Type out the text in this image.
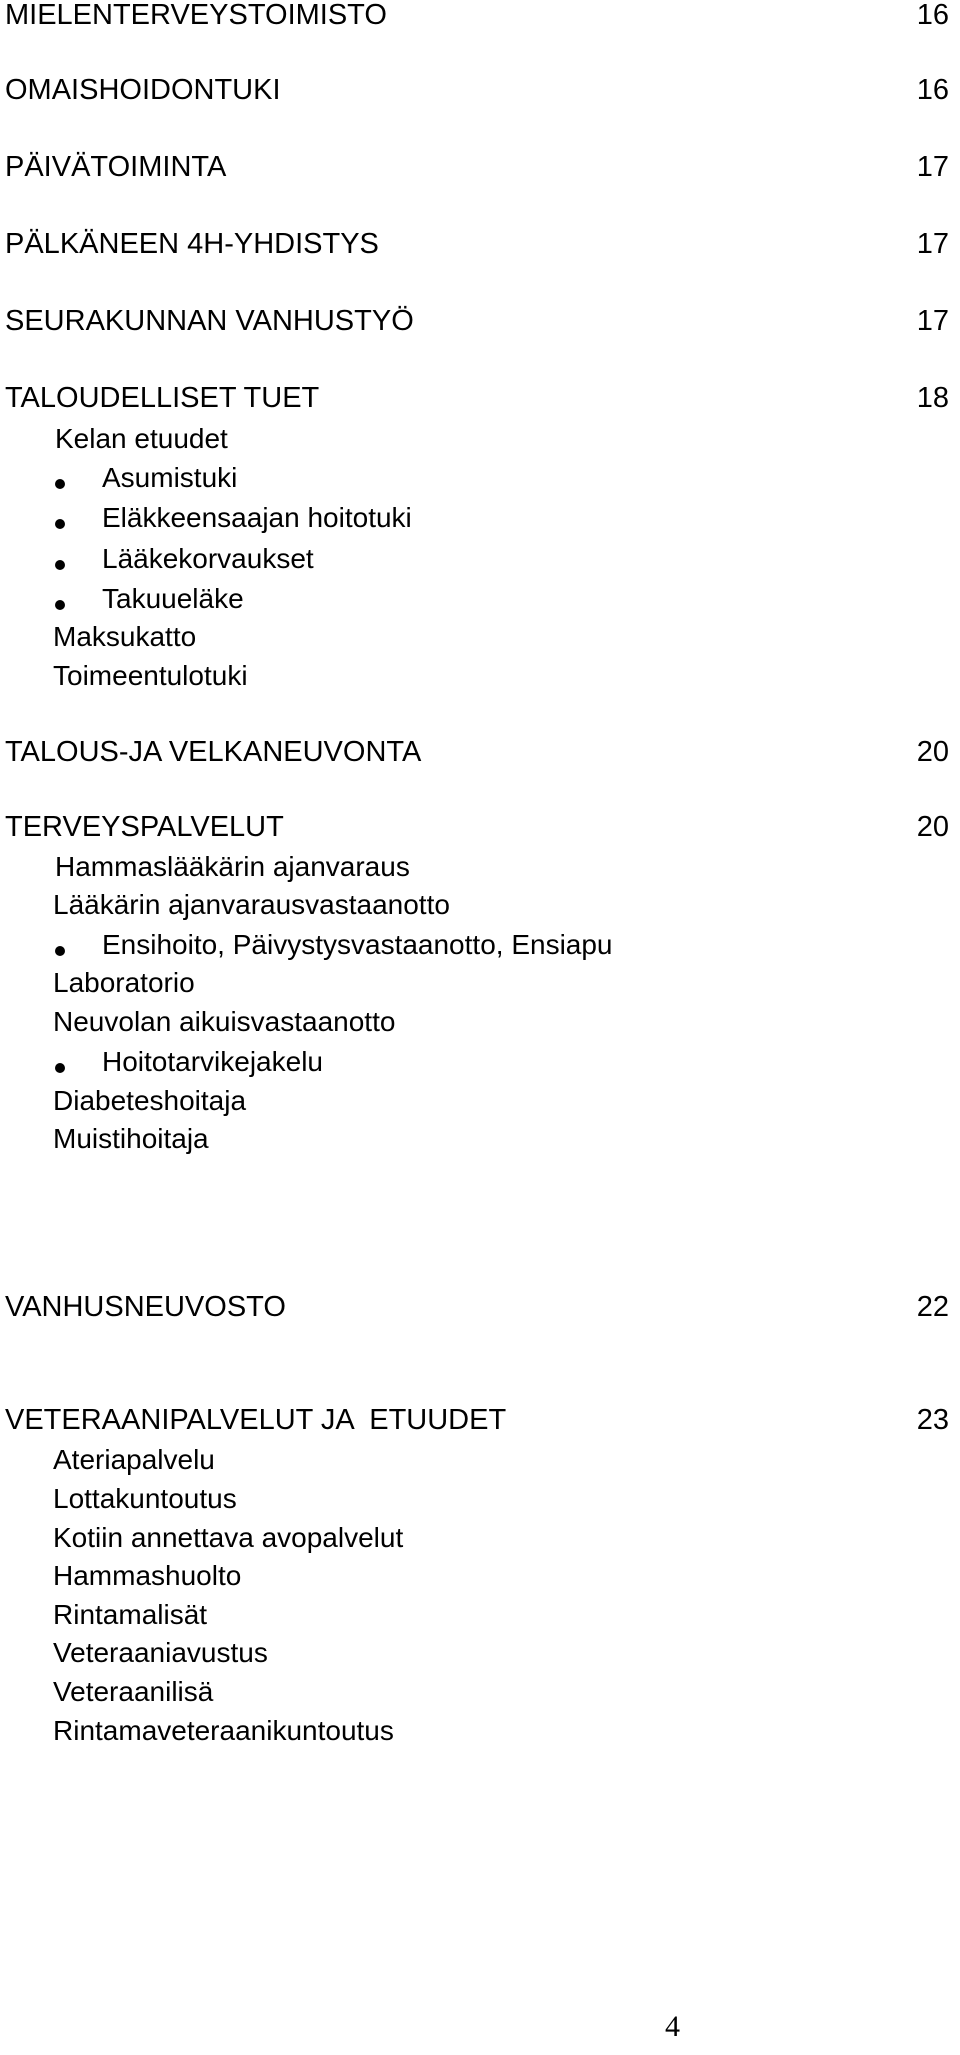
MIELENTERVEYSTOIMISTO	16
OMAISHOIDONTUKI	16
PÄIVÄTOIMINTA	17
PÄLKÄNEEN 4H-YHDISTYS	17
SEURAKUNNAN VANHUSTYÖ	17
TALOUDELLISET TUET	18
Kelan etuudet
Asumistuki
Eläkkeensaajan hoitotuki
Lääkekorvaukset
Takuueläke
Maksukatto
Toimeentulotuki
TALOUS-JA VELKANEUVONTA	20
TERVEYSPALVELUT	20
Hammaslääkärin ajanvaraus
Lääkärin ajanvarausvastaanotto
Ensihoito, Päivystysvastaanotto, Ensiapu
Laboratorio
Neuvolan aikuisvastaanotto
Hoitotarvikejakelu
Diabeteshoitaja
Muistihoitaja
VANHUSNEUVOSTO	22
VETERAANIPALVELUT JA  ETUUDET	23
Ateriapalvelu
Lottakuntoutus
Kotiin annettava avopalvelut
Hammashuolto
Rintamalisät
Veteraaniavustus
Veteraanilisä
Rintamaveteraanikuntoutus
4
